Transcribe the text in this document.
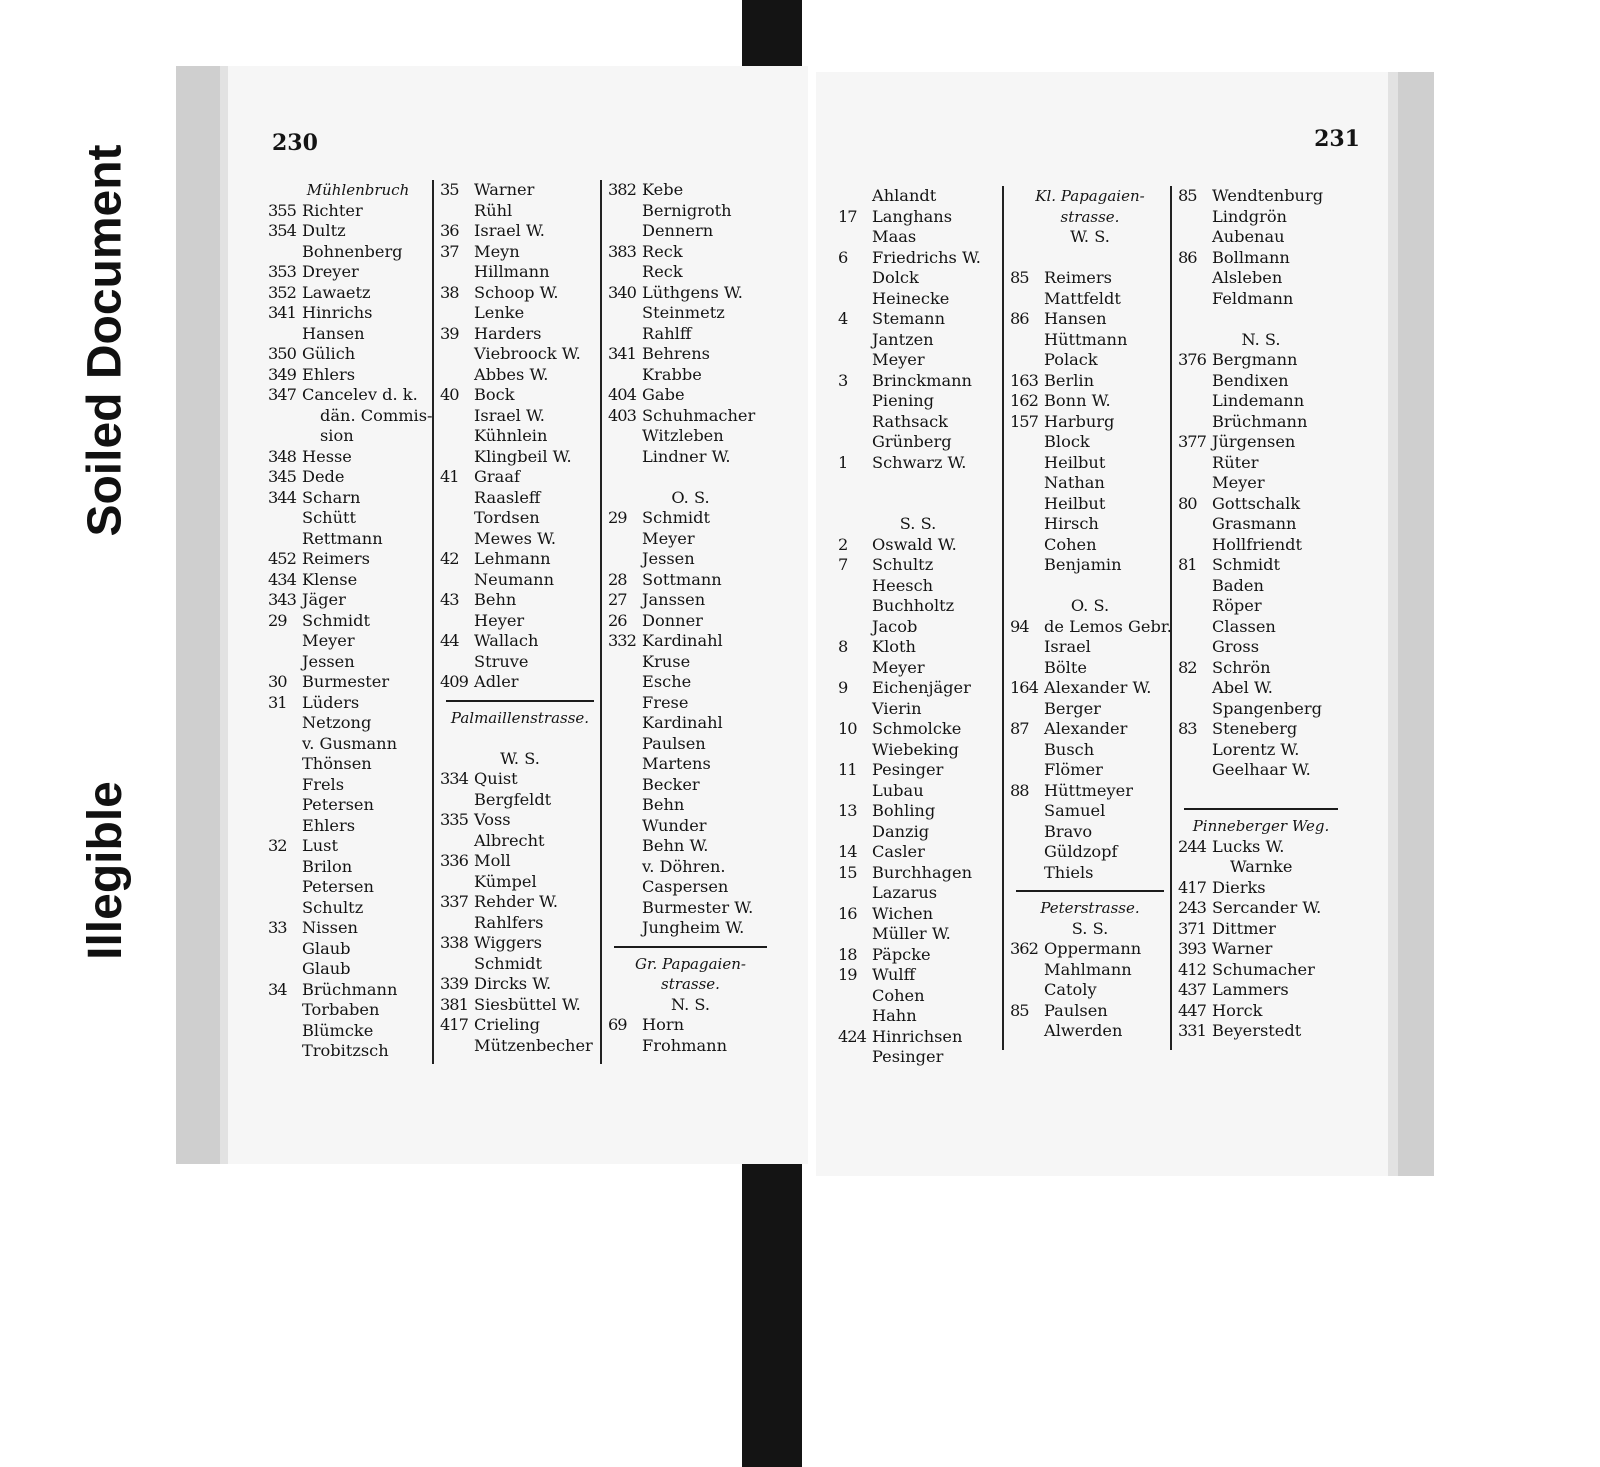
Soiled Document
Illegible
230
Mühlenbruch
355 Richter
354 Dultz
Bohnenberg
353 Dreyer
352 Lawaetz
341 Hinrichs
Hansen
350 Gülich
349 Ehlers
347 Cancelev d. k.
dän. Commis-
sion
348 Hesse
345 Dede
344 Scharn
Schütt
Rettmann
452 Reimers
434 Klense
343 Jäger
29 Schmidt
Meyer
Jessen
30 Burmester
31 Lüders
Netzong
v. Gusmann
Thönsen
Frels
Petersen
Ehlers
32 Lust
Brilon
Petersen
Schultz
33 Nissen
Glaub
Glaub
34 Brüchmann
Torbaben
Blümcke
Trobitzsch
35 Warner
Rühl
36 Israel W.
37 Meyn
Hillmann
38 Schoop W.
Lenke
39 Harders
Viebroock W.
Abbes W.
40 Bock
Israel W.
Kühnlein
Klingbeil W.
41 Graaf
Raasleff
Tordsen
Mewes W.
42 Lehmann
Neumann
43 Behn
Heyer
44 Wallach
Struve
409 Adler
Palmaillenstrasse.
W. S.
334 Quist
Bergfeldt
335 Voss
Albrecht
336 Moll
Kümpel
337 Rehder W.
Rahlfers
338 Wiggers
Schmidt
339 Dircks W.
381 Siesbüttel W.
417 Crieling
Mützenbecher
382 Kebe
Bernigroth
Dennern
383 Reck
Reck
340 Lüthgens W.
Steinmetz
Rahlff
341 Behrens
Krabbe
404 Gabe
403 Schuhmacher
Witzleben
Lindner W.
O. S.
29 Schmidt
Meyer
Jessen
28 Sottmann
27 Janssen
26 Donner
332 Kardinahl
Kruse
Esche
Frese
Kardinahl
Paulsen
Martens
Becker
Behn
Wunder
Behn W.
v. Döhren.
Caspersen
Burmester W.
Jungheim W.
Gr. Papagaien-
strasse.
N. S.
69 Horn
Frohmann
231
Ahlandt
17 Langhans
Maas
6 Friedrichs W.
Dolck
Heinecke
4 Stemann
Jantzen
Meyer
3 Brinckmann
Piening
Rathsack
Grünberg
1 Schwarz W.
S. S.
2 Oswald W.
7 Schultz
Heesch
Buchholtz
Jacob
8 Kloth
Meyer
9 Eichenjäger
Vierin
10 Schmolcke
Wiebeking
11 Pesinger
Lubau
13 Bohling
Danzig
14 Casler
15 Burchhagen
Lazarus
16 Wichen
Müller W.
18 Päpcke
19 Wulff
Cohen
Hahn
424 Hinrichsen
Pesinger
Kl. Papagaien-
strasse.
W. S.
85 Reimers
Mattfeldt
86 Hansen
Hüttmann
Polack
163 Berlin
162 Bonn W.
157 Harburg
Block
Heilbut
Nathan
Heilbut
Hirsch
Cohen
Benjamin
O. S.
94 de Lemos Gebr.
Israel
Bölte
164 Alexander W.
Berger
87 Alexander
Busch
Flömer
88 Hüttmeyer
Samuel
Bravo
Güldzopf
Thiels
Peterstrasse.
S. S.
362 Oppermann
Mahlmann
Catoly
85 Paulsen
Alwerden
85 Wendtenburg
Lindgrön
Aubenau
86 Bollmann
Alsleben
Feldmann
N. S.
376 Bergmann
Bendixen
Lindemann
Brüchmann
377 Jürgensen
Rüter
Meyer
80 Gottschalk
Grasmann
Hollfriendt
81 Schmidt
Baden
Röper
Classen
Gross
82 Schrön
Abel W.
Spangenberg
83 Steneberg
Lorentz W.
Geelhaar W.
Pinneberger Weg.
244 Lucks W.
Warnke
417 Dierks
243 Sercander W.
371 Dittmer
393 Warner
412 Schumacher
437 Lammers
447 Horck
331 Beyerstedt
